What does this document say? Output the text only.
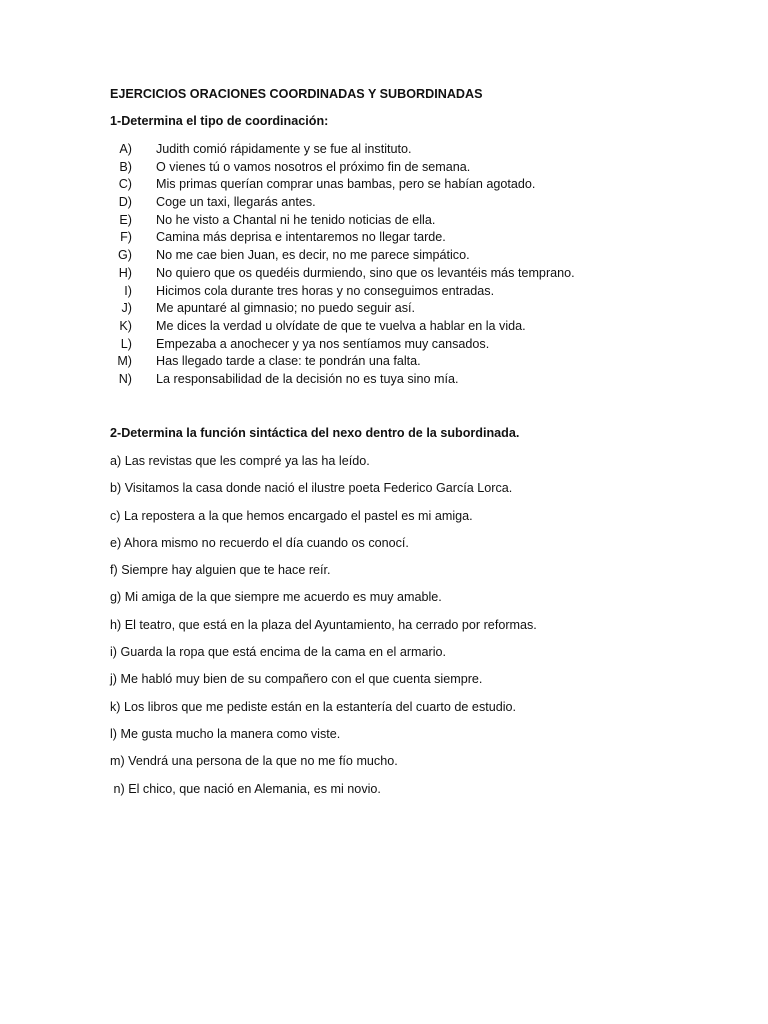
EJERCICIOS ORACIONES COORDINADAS Y SUBORDINADAS
1-Determina el tipo de coordinación:
A) Judith comió rápidamente y se fue al instituto.
B) O vienes tú o vamos nosotros el próximo fin de semana.
C) Mis primas querían comprar unas bambas, pero se habían agotado.
D) Coge un taxi, llegarás antes.
E) No he visto a Chantal ni he tenido noticias de ella.
F) Camina más deprisa e intentaremos no llegar tarde.
G) No me cae bien Juan, es decir, no me parece simpático.
H) No quiero que os quedéis durmiendo, sino que os levantéis más temprano.
I) Hicimos cola durante tres horas y no conseguimos entradas.
J) Me apuntaré al gimnasio; no puedo seguir así.
K) Me dices la verdad u olvídate de que te vuelva a hablar en la vida.
L) Empezaba a anochecer y ya nos sentíamos muy cansados.
M) Has llegado tarde a clase: te pondrán una falta.
N) La responsabilidad de la decisión no es tuya sino mía.
2-Determina la función sintáctica del nexo dentro de la subordinada.
a) Las revistas que les compré ya las ha leído.
b) Visitamos la casa donde nació el ilustre poeta Federico García Lorca.
c) La repostera a la que hemos encargado el pastel es mi amiga.
e) Ahora mismo no recuerdo el día cuando os conocí.
f) Siempre hay alguien que te hace reír.
g) Mi amiga de la que siempre me acuerdo es muy amable.
h) El teatro, que está en la plaza del Ayuntamiento, ha cerrado por reformas.
i) Guarda la ropa que está encima de la cama en el armario.
j) Me habló muy bien de su compañero con el que cuenta siempre.
k) Los libros que me pediste están en la estantería del cuarto de estudio.
l) Me gusta mucho la manera como viste.
m) Vendrá una persona de la que no me fío mucho.
n) El chico, que nació en Alemania, es mi novio.
